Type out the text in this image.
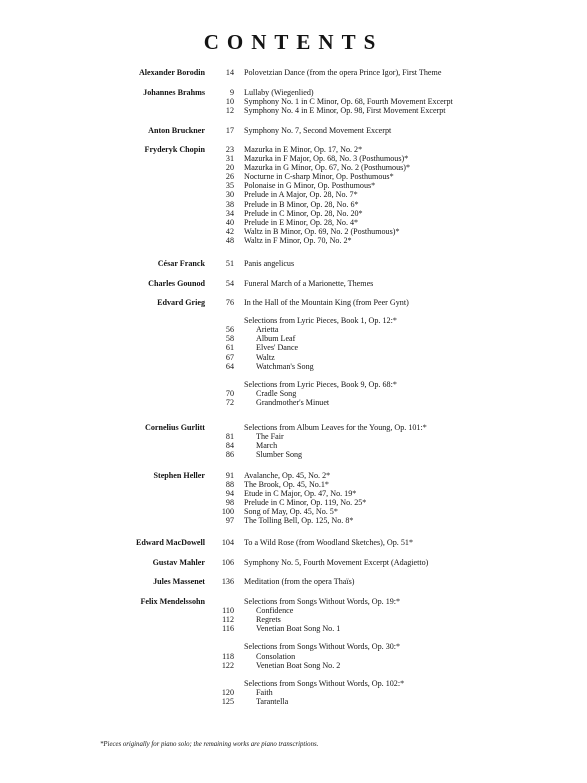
CONTENTS
Alexander Borodin	14 Polovetzian Dance (from the opera Prince Igor), First Theme
Johannes Brahms	9 Lullaby (Wiegenlied)
10 Symphony No. 1 in C Minor, Op. 68, Fourth Movement Excerpt
12 Symphony No. 4 in E Minor, Op. 98, First Movement Excerpt
Anton Bruckner	17 Symphony No. 7, Second Movement Excerpt
Fryderyk Chopin	23 Mazurka in E Minor, Op. 17, No. 2*
31 Mazurka in F Major, Op. 68, No. 3 (Posthumous)*
20 Mazurka in G Minor, Op. 67, No. 2 (Posthumous)*
26 Nocturne in C-sharp Minor, Op. Posthumous*
35 Polonaise in G Minor, Op. Posthumous*
30 Prelude in A Major, Op. 28, No. 7*
38 Prelude in B Minor, Op. 28, No. 6*
34 Prelude in C Minor, Op. 28, No. 20*
40 Prelude in E Minor, Op. 28, No. 4*
42 Waltz in B Minor, Op. 69, No. 2 (Posthumous)*
48 Waltz in F Minor, Op. 70, No. 2*
César Franck	51 Panis angelicus
Charles Gounod	54 Funeral March of a Marionette, Themes
Edvard Grieg	76 In the Hall of the Mountain King (from Peer Gynt)
Selections from Lyric Pieces, Book 1, Op. 12:*
56	Arietta
58	Album Leaf
61	Elves' Dance
67	Waltz
64	Watchman's Song
Selections from Lyric Pieces, Book 9, Op. 68:*
70	Cradle Song
72	Grandmother's Minuet
Cornelius Gurlitt	Selections from Album Leaves for the Young, Op. 101:*
81	The Fair
84	March
86	Slumber Song
Stephen Heller	91 Avalanche, Op. 45, No. 2*
88 The Brook, Op. 45, No.1*
94 Etude in C Major, Op. 47, No. 19*
98 Prelude in C Minor, Op. 119, No. 25*
100 Song of May, Op. 45, No. 5*
97 The Tolling Bell, Op. 125, No. 8*
Edward MacDowell 104 To a Wild Rose (from Woodland Sketches), Op. 51*
Gustav Mahler 106 Symphony No. 5, Fourth Movement Excerpt (Adagietto)
Jules Massenet 136 Meditation (from the opera Thaïs)
Felix Mendelssohn	Selections from Songs Without Words, Op. 19:*
110	Confidence
112	Regrets
116	Venetian Boat Song No. 1
Selections from Songs Without Words, Op. 30:*
118	Consolation
122	Venetian Boat Song No. 2
Selections from Songs Without Words, Op. 102:*
120	Faith
125	Tarantella
*Pieces originally for piano solo; the remaining works are piano transcriptions.
